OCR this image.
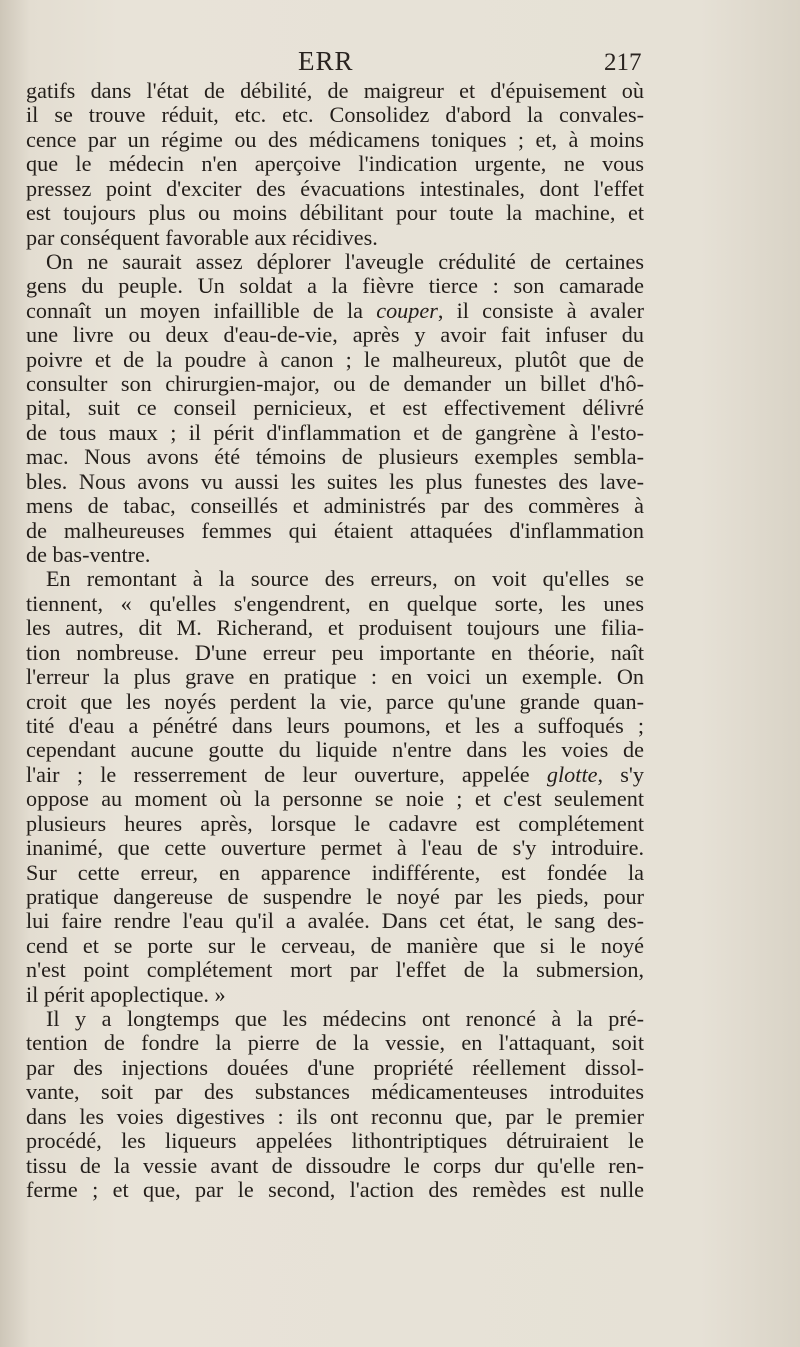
ERR	217
gatifs dans l'état de débilité, de maigreur et d'épuisement où
il se trouve réduit, etc. etc. Consolidez d'abord la convales-
cence par un régime ou des médicamens toniques ; et, à moins
que le médecin n'en aperçoive l'indication urgente, ne vous
pressez point d'exciter des évacuations intestinales, dont l'effet
est toujours plus ou moins débilitant pour toute la machine, et
par conséquent favorable aux récidives.
On ne saurait assez déplorer l'aveugle crédulité de certaines
gens du peuple. Un soldat a la fièvre tierce : son camarade
connaît un moyen infaillible de la couper, il consiste à avaler
une livre ou deux d'eau-de-vie, après y avoir fait infuser du
poivre et de la poudre à canon ; le malheureux, plutôt que de
consulter son chirurgien-major, ou de demander un billet d'hô-
pital, suit ce conseil pernicieux, et est effectivement délivré
de tous maux ; il périt d'inflammation et de gangrène à l'esto-
mac. Nous avons été témoins de plusieurs exemples sembla-
bles. Nous avons vu aussi les suites les plus funestes des lave-
mens de tabac, conseillés et administrés par des commères à
de malheureuses femmes qui étaient attaquées d'inflammation
de bas-ventre.
En remontant à la source des erreurs, on voit qu'elles se
tiennent, « qu'elles s'engendrent, en quelque sorte, les unes
les autres, dit M. Richerand, et produisent toujours une filia-
tion nombreuse. D'une erreur peu importante en théorie, naît
l'erreur la plus grave en pratique : en voici un exemple. On
croit que les noyés perdent la vie, parce qu'une grande quan-
tité d'eau a pénétré dans leurs poumons, et les a suffoqués ;
cependant aucune goutte du liquide n'entre dans les voies de
l'air ; le resserrement de leur ouverture, appelée glotte, s'y
oppose au moment où la personne se noie ; et c'est seulement
plusieurs heures après, lorsque le cadavre est complétement
inanimé, que cette ouverture permet à l'eau de s'y introduire.
Sur cette erreur, en apparence indifférente, est fondée la
pratique dangereuse de suspendre le noyé par les pieds, pour
lui faire rendre l'eau qu'il a avalée. Dans cet état, le sang des-
cend et se porte sur le cerveau, de manière que si le noyé
n'est point complétement mort par l'effet de la submersion,
il périt apoplectique. »
Il y a longtemps que les médecins ont renoncé à la pré-
tention de fondre la pierre de la vessie, en l'attaquant, soit
par des injections douées d'une propriété réellement dissol-
vante, soit par des substances médicamenteuses introduites
dans les voies digestives : ils ont reconnu que, par le premier
procédé, les liqueurs appelées lithontriptiques détruiraient le
tissu de la vessie avant de dissoudre le corps dur qu'elle ren-
ferme ; et que, par le second, l'action des remèdes est nulle
